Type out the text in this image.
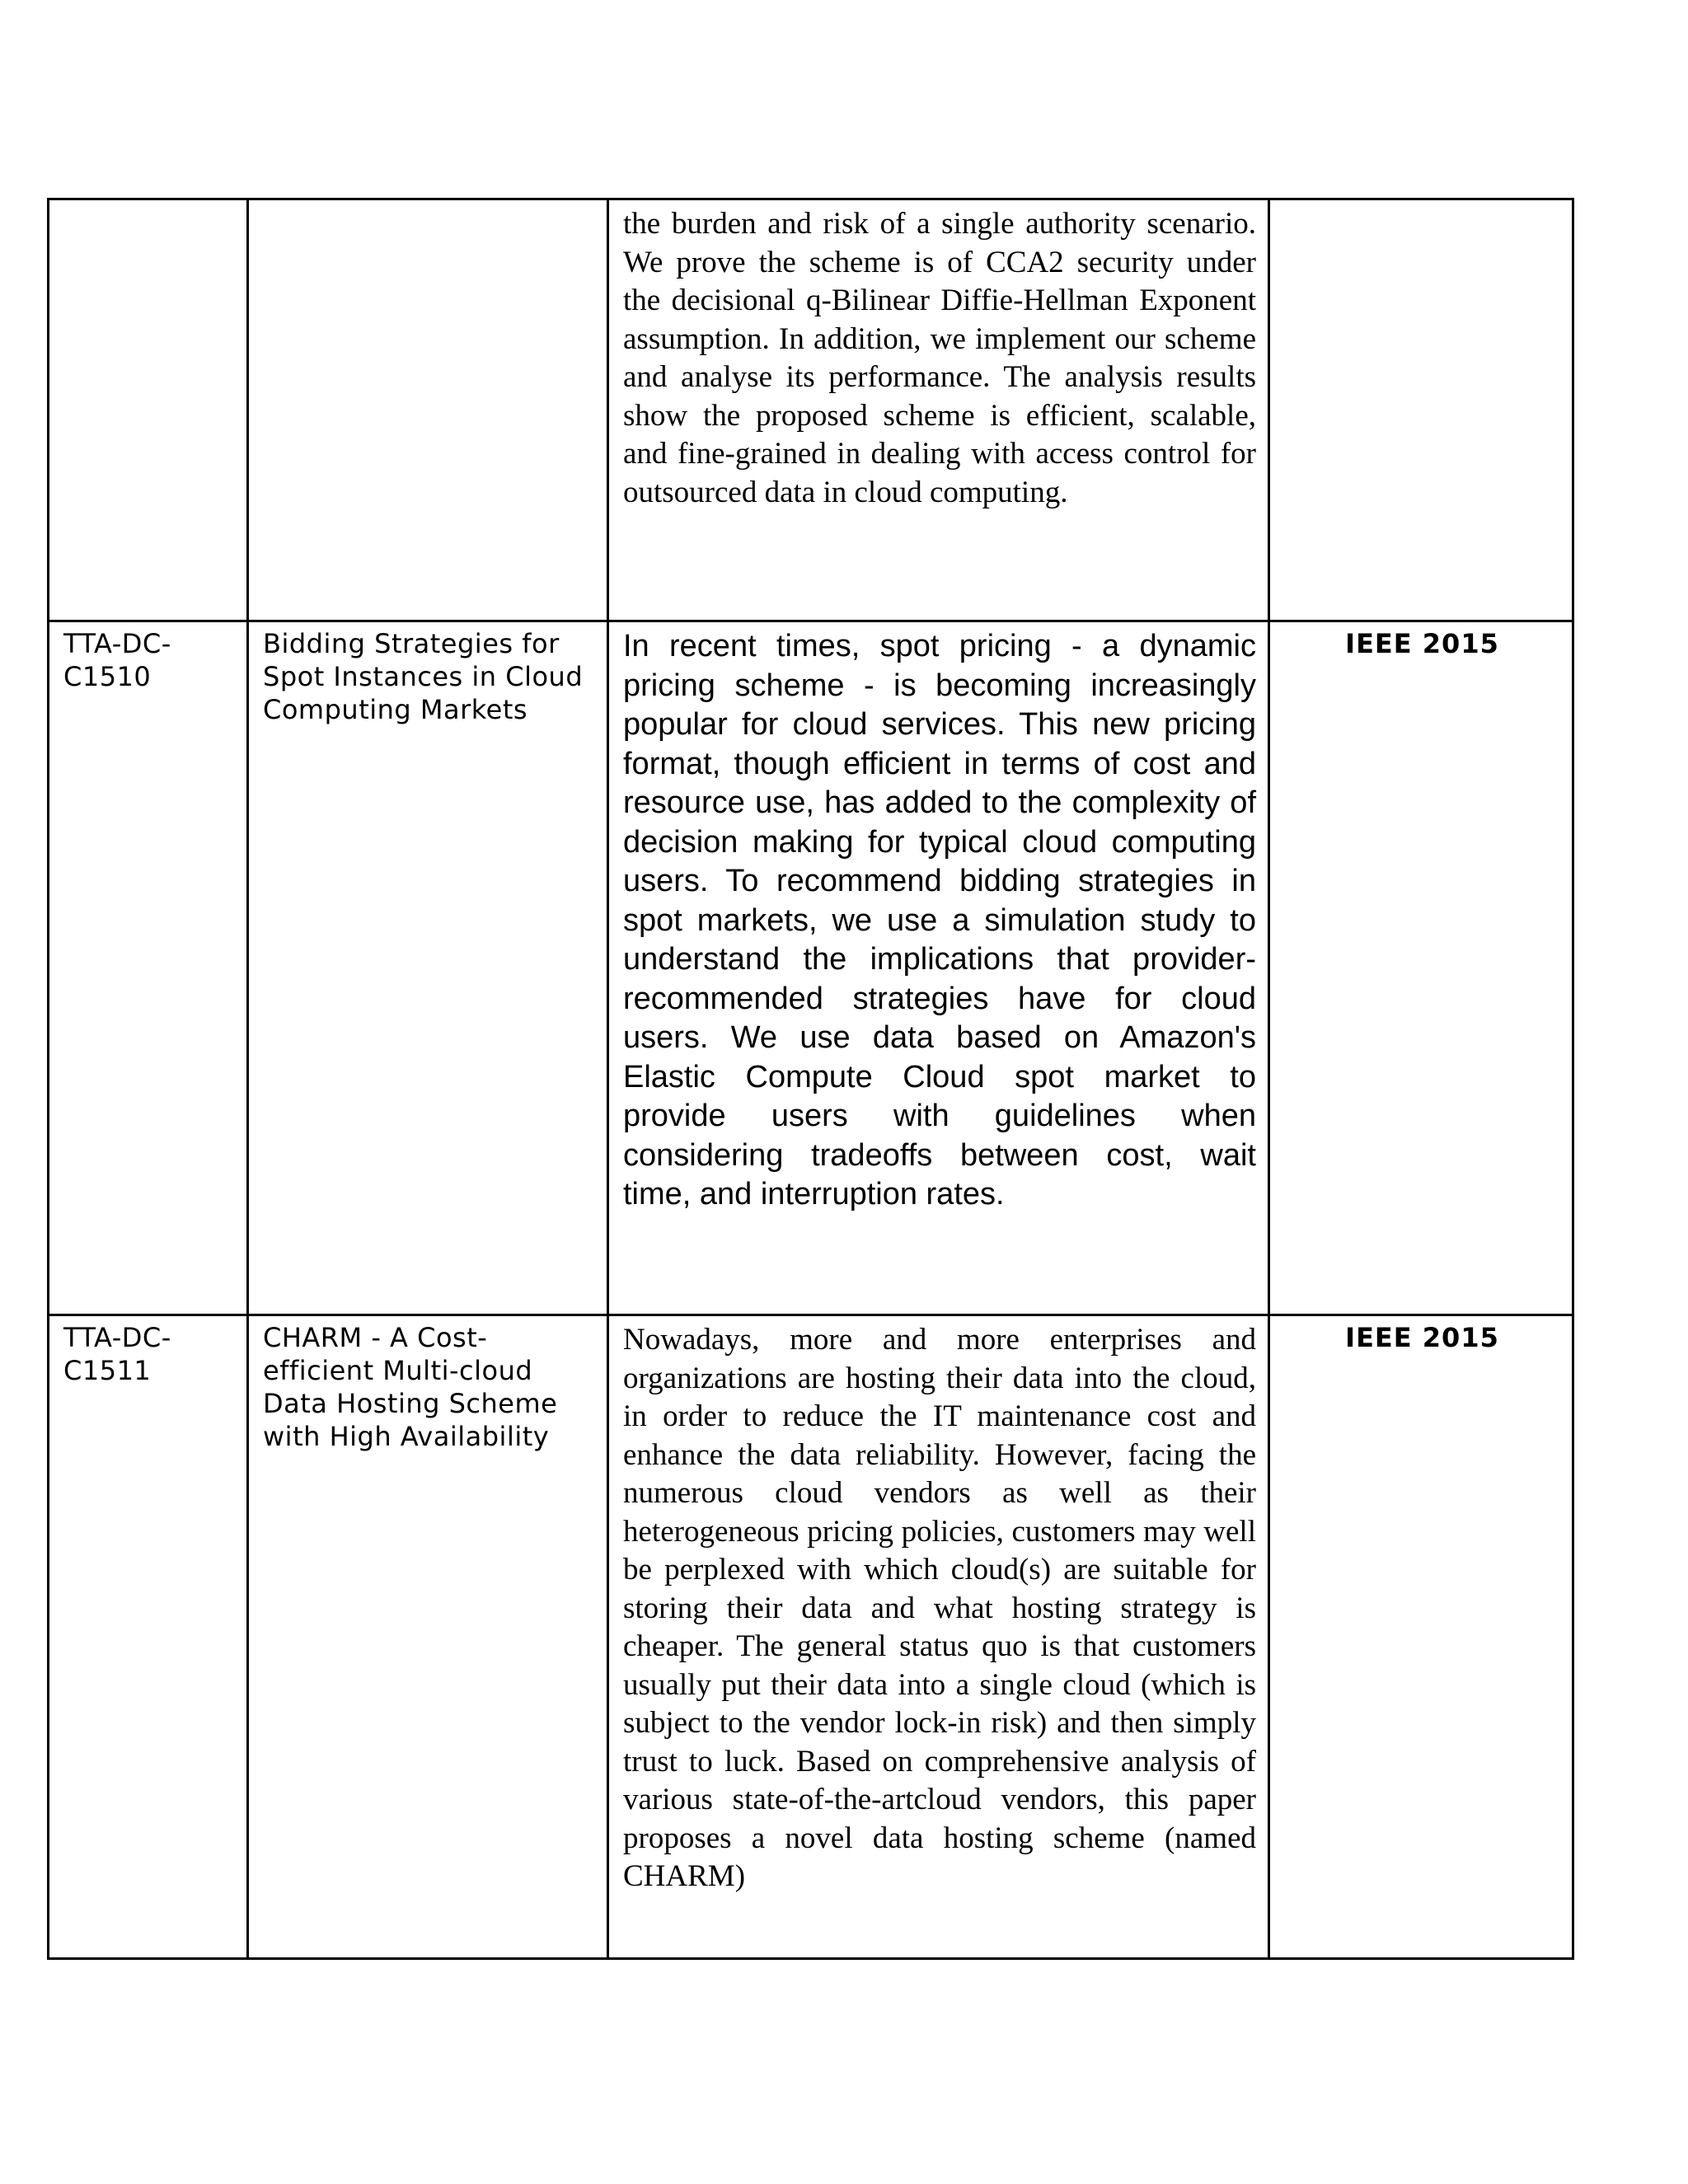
		the burden and risk of a single authority scenario. We prove the scheme is of CCA2 security under the decisional q-Bilinear Diffie-Hellman Exponent assumption. In addition, we implement our scheme and analyse its performance. The analysis results show the proposed scheme is efficient, scalable, and fine-grained in dealing with access control for outsourced data in cloud computing.	

TTA-DC-C1510	Bidding Strategies for Spot Instances in Cloud Computing Markets	In recent times, spot pricing - a dynamic pricing scheme - is becoming increasingly popular for cloud services. This new pricing format, though efficient in terms of cost and resource use, has added to the complexity of decision making for typical cloud computing users. To recommend bidding strategies in spot markets, we use a simulation study to understand the implications that provider-recommended strategies have for cloud users. We use data based on Amazon's Elastic Compute Cloud spot market to provide users with guidelines when considering tradeoffs between cost, wait time, and interruption rates.	IEEE 2015
TTA-DC-C1511	CHARM - A Cost-efficient Multi-cloud Data Hosting Scheme with High Availability	Nowadays, more and more enterprises and organizations are hosting their data into the cloud, in order to reduce the IT maintenance cost and enhance the data reliability. However, facing the numerous cloud vendors as well as their heterogeneous pricing policies, customers may well be perplexed with which cloud(s) are suitable for storing their data and what hosting strategy is cheaper. The general status quo is that customers usually put their data into a single cloud (which is subject to the vendor lock-in risk) and then simply trust to luck. Based on comprehensive analysis of various state-of-the-artcloud vendors, this paper proposes a novel data hosting scheme (named CHARM)	IEEE 2015
